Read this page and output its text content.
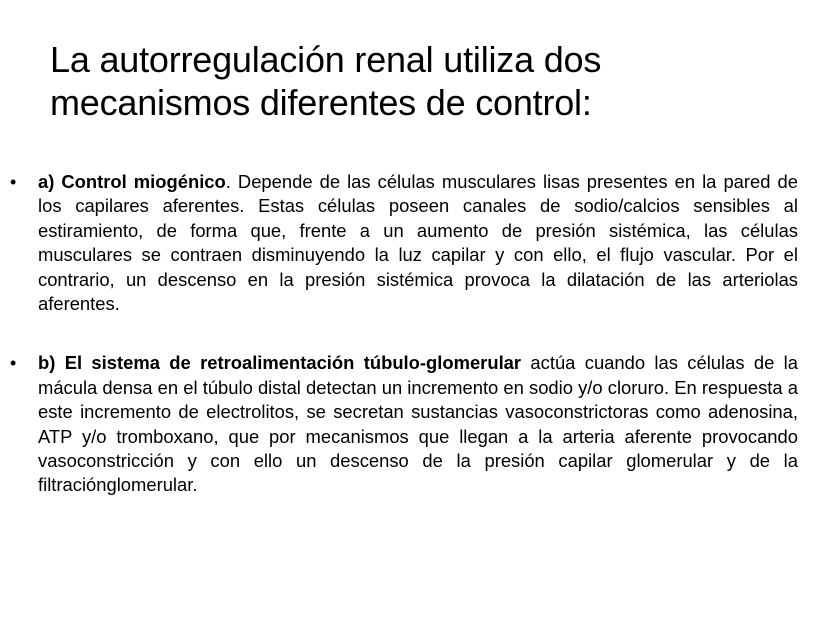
La autorregulación renal utiliza dos
mecanismos diferentes de control:
•	a) Control miogénico. Depende de las células musculares lisas presentes en la pared de los capilares aferentes. Estas células poseen canales de sodio/calcios sensibles al estiramiento, de forma que, frente a un aumento de presión sistémica, las células musculares se contraen disminuyendo la luz capilar y con ello, el flujo vascular. Por el contrario, un descenso en la presión sistémica provoca la dilatación de las arteriolas aferentes.
•	b) El sistema de retroalimentación túbulo-glomerular actúa cuando las células de la mácula densa en el túbulo distal detectan un incremento en sodio y/o cloruro. En respuesta a este incremento de electrolitos, se secretan sustancias vasoconstrictoras como adenosina, ATP y/o tromboxano, que por mecanismos que llegan a la arteria aferente provocando vasoconstricción y con ello un descenso de la presión capilar glomerular y de la filtraciónglomerular.
